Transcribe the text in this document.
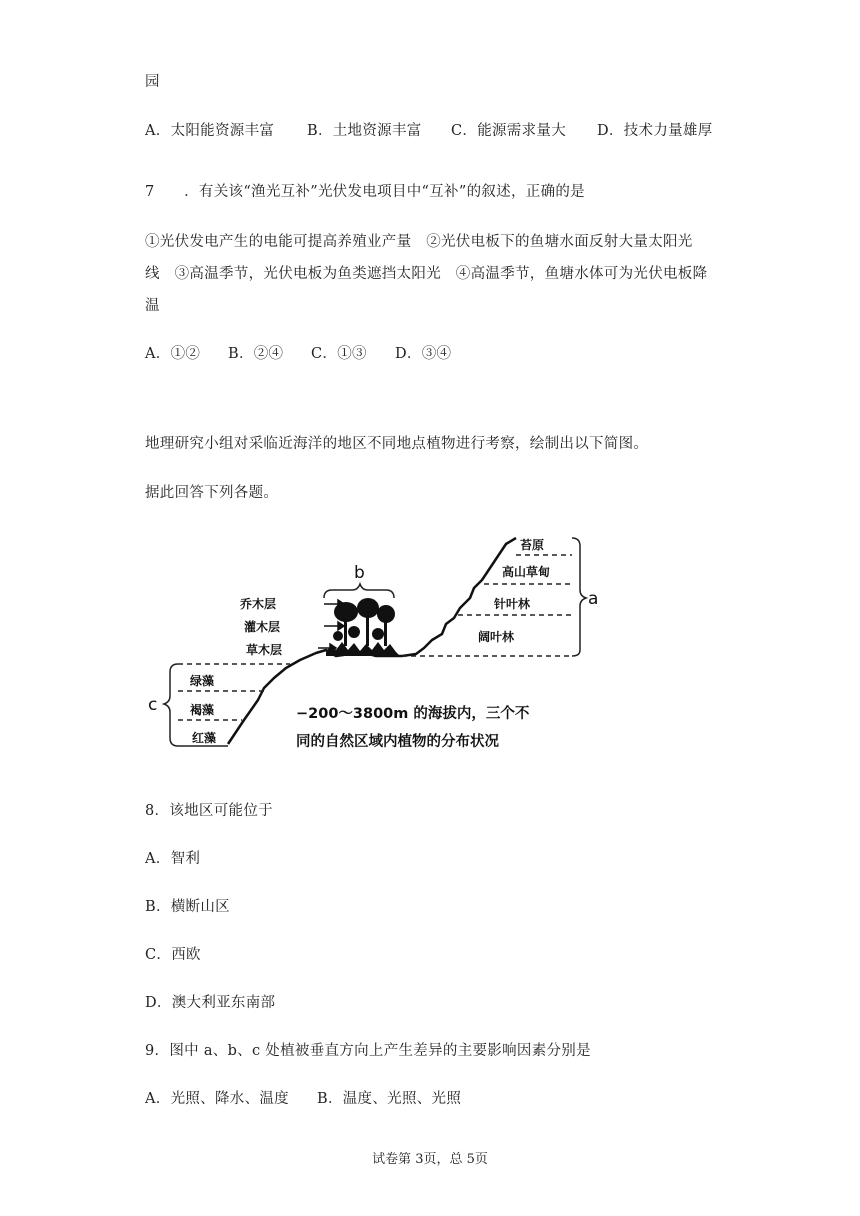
园
A．太阳能资源丰富 B．土地资源丰富 C．能源需求量大 D．技术力量雄厚
7　　．有关该“渔光互补”光伏发电项目中“互补”的叙述，正确的是
①光伏发电产生的电能可提高养殖业产量　②光伏电板下的鱼塘水面反射大量太阳光
线　③高温季节，光伏电板为鱼类遮挡太阳光　④高温季节，鱼塘水体可为光伏电板降
温
A．①② B．②④ C．①③ D．③④
地理研究小组对采临近海洋的地区不同地点植物进行考察，绘制出以下简图。
据此回答下列各题。
a
苔原
高山草甸
针叶林
阔叶林
b
乔木层
灌木层
草木层
c
绿藻
褐藻
红藻
−200～3800m 的海拔内，三个不
同的自然区域内植物的分布状况
8．该地区可能位于
A．智利
B．横断山区
C．西欧
D．澳大利亚东南部
9．图中 a、b、c 处植被垂直方向上产生差异的主要影响因素分别是
A．光照、降水、温度 B．温度、光照、光照
试卷第 3页，总 5页
